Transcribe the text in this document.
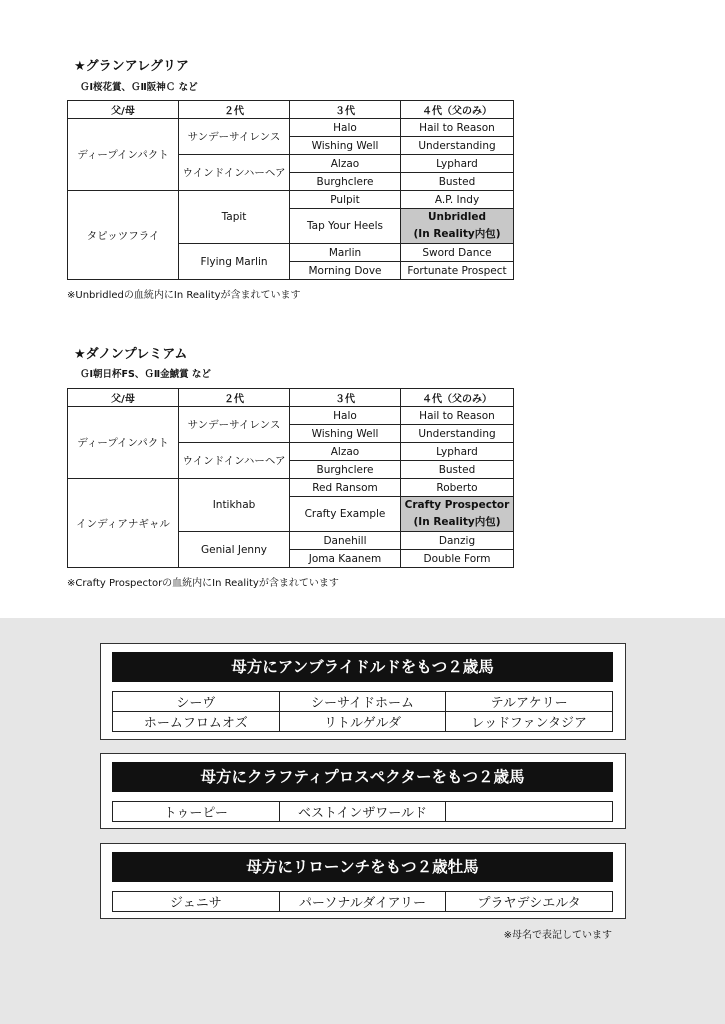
★グランアレグリア
ＧⅠ桜花賞、ＧⅡ阪神Ｃ など
父/母	２代	３代	４代（父のみ）
ディープインパクト	サンデーサイレンス	Halo	Hail to Reason
		Wishing Well	Understanding
	ウインドインハーヘア	Alzao	Lyphard
		Burghclere	Busted
タピッツフライ	Tapit	Pulpit	A.P. Indy
		Tap Your Heels	Unbridled
(In Reality内包)

	Flying Marlin	Marlin	Sword Dance
		Morning Dove	Fortunate Prospect
※Unbridledの血統内にIn Realityが含まれています
★ダノンプレミアム
ＧⅠ朝日杯FS、ＧⅡ金鯱賞 など
父/母	２代	３代	４代（父のみ）
ディープインパクト	サンデーサイレンス	Halo	Hail to Reason
		Wishing Well	Understanding
	ウインドインハーヘア	Alzao	Lyphard
		Burghclere	Busted
インディアナギャル	Intikhab	Red Ransom	Roberto
		Crafty Example	Crafty Prospector
(In Reality内包)

	Genial Jenny	Danehill	Danzig
		Joma Kaanem	Double Form
※Crafty Prospectorの血統内にIn Realityが含まれています
母方にアンブライドルドをもつ２歳馬
シーヴ	シーサイドホーム	テルアケリー
ホームフロムオズ	リトルゲルダ	レッドファンタジア
母方にクラフティプロスペクターをもつ２歳馬
トゥーピー	ベストインザワールド	
母方にリローンチをもつ２歳牡馬
ジェニサ	パーソナルダイアリー	プラヤデシエルタ
※母名で表記しています
